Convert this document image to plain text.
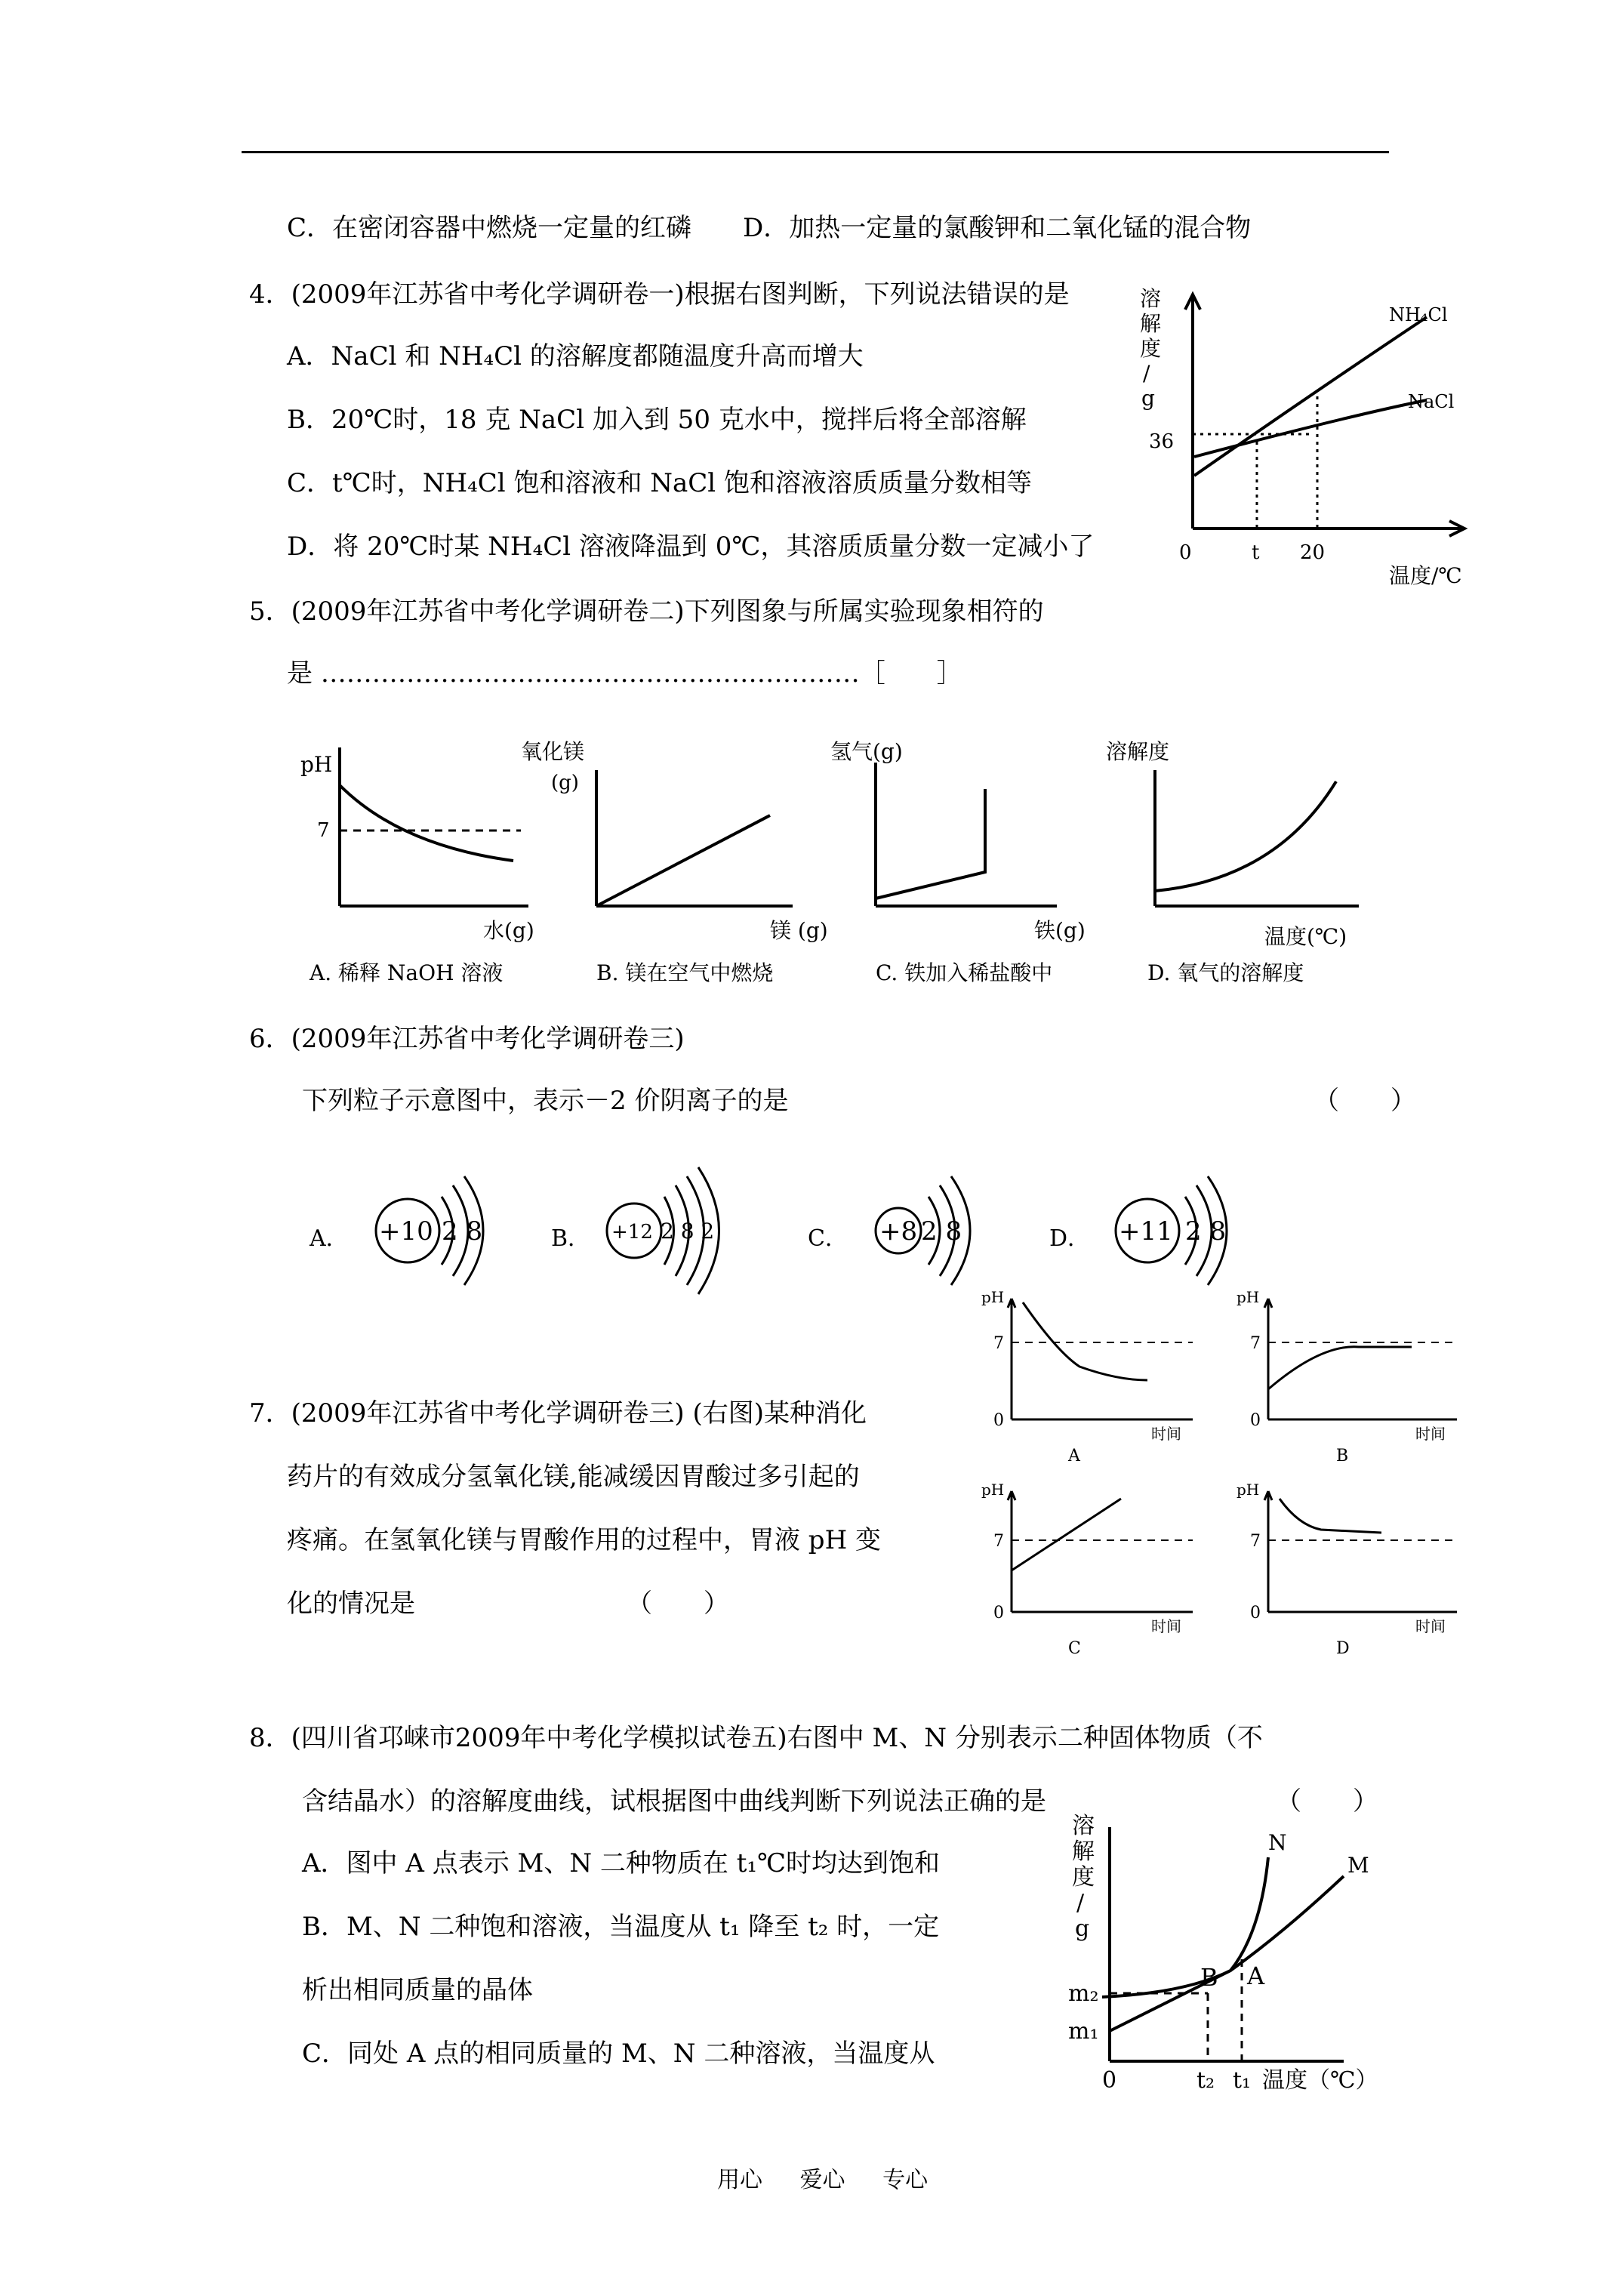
C．在密闭容器中燃烧一定量的红磷　　D．加热一定量的氯酸钾和二氧化锰的混合物
4．(2009年江苏省中考化学调研卷一)根据右图判断，下列说法错误的是
A．NaCl 和 NH₄Cl 的溶解度都随温度升高而增大
B．20℃时，18 克 NaCl 加入到 50 克水中，搅拌后将全部溶解
C．t℃时，NH₄Cl 饱和溶液和 NaCl 饱和溶液溶质质量分数相等
D．将 20℃时某 NH₄Cl 溶液降温到 0℃，其溶质质量分数一定减小了
溶
解
度
/
g
NH₄Cl
NaCl
36
0	t 20
温度/℃
5．(2009年江苏省中考化学调研卷二)下列图象与所属实验现象相符的
是 ………………………………………………………［　　］
pH
7
水(g)
A. 稀释 NaOH 溶液
氧化镁
(g)
镁 (g)
B. 镁在空气中燃烧
氢气(g)
铁(g)
C. 铁加入稀盐酸中
溶解度
温度(℃)
D. 氧气的溶解度
6．(2009年江苏省中考化学调研卷三)
下列粒子示意图中，表示－2 价阴离子的是	（　　）
A． +10 2 8	B． +12 2 8 2	C． +8 2 8	D． +11 2 8
7．(2009年江苏省中考化学调研卷三) (右图)某种消化
药片的有效成分氢氧化镁,能减缓因胃酸过多引起的
疼痛。在氢氧化镁与胃酸作用的过程中，胃液 pH 变
化的情况是	（　　）
pH
7
0
时间
A
pH
7
0
时间
B
pH
7
0
时间
C
pH
7
0
时间
D
8．(四川省邛崃市2009年中考化学模拟试卷五)右图中 M、N 分别表示二种固体物质（不
含结晶水）的溶解度曲线，试根据图中曲线判断下列说法正确的是	（　　）
A．图中 A 点表示 M、N 二种物质在 t₁℃时均达到饱和
B．M、N 二种饱和溶液，当温度从 t₁ 降至 t₂ 时，一定
析出相同质量的晶体
C．同处 A 点的相同质量的 M、N 二种溶液，当温度从
溶
解
度
/
g
N
M
B A
m₂
m₁
0	t₂ t₁ 温度（℃）
用心 爱心 专心
